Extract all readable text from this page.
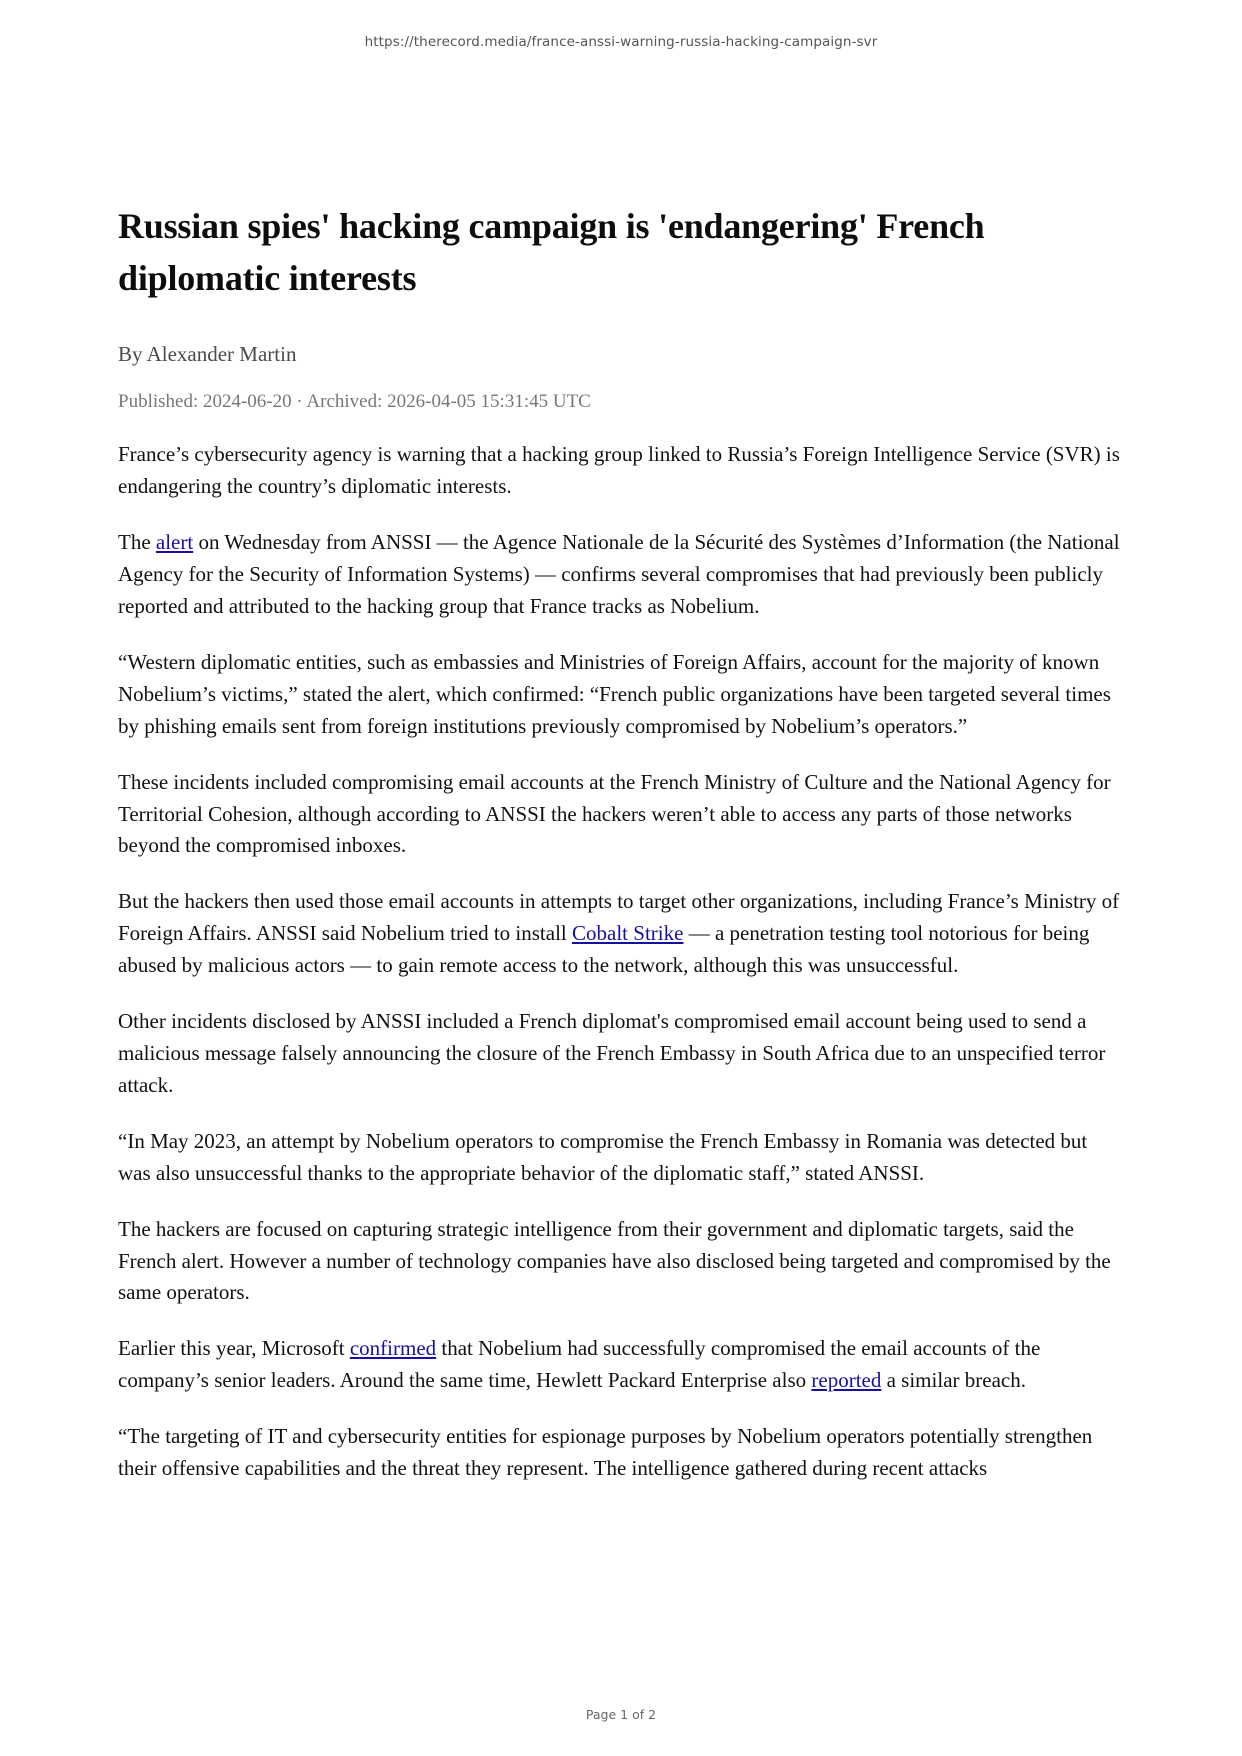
https://therecord.media/france-anssi-warning-russia-hacking-campaign-svr
Russian spies' hacking campaign is 'endangering' French diplomatic interests
By Alexander Martin
Published: 2024-06-20 · Archived: 2026-04-05 15:31:45 UTC

France’s cybersecurity agency is warning that a hacking group linked to Russia’s Foreign Intelligence Service (SVR) is endangering the country’s diplomatic interests.

The alert on Wednesday from ANSSI — the Agence Nationale de la Sécurité des Systèmes d’Information (the National Agency for the Security of Information Systems) — confirms several compromises that had previously been publicly reported and attributed to the hacking group that France tracks as Nobelium.

“Western diplomatic entities, such as embassies and Ministries of Foreign Affairs, account for the majority of known Nobelium’s victims,” stated the alert, which confirmed: “French public organizations have been targeted several times by phishing emails sent from foreign institutions previously compromised by Nobelium’s operators.”

These incidents included compromising email accounts at the French Ministry of Culture and the National Agency for Territorial Cohesion, although according to ANSSI the hackers weren’t able to access any parts of those networks beyond the compromised inboxes.

But the hackers then used those email accounts in attempts to target other organizations, including France’s Ministry of Foreign Affairs. ANSSI said Nobelium tried to install Cobalt Strike — a penetration testing tool notorious for being abused by malicious actors — to gain remote access to the network, although this was unsuccessful.

Other incidents disclosed by ANSSI included a French diplomat's compromised email account being used to send a malicious message falsely announcing the closure of the French Embassy in South Africa due to an unspecified terror attack.

“In May 2023, an attempt by Nobelium operators to compromise the French Embassy in Romania was detected but was also unsuccessful thanks to the appropriate behavior of the diplomatic staff,” stated ANSSI.

The hackers are focused on capturing strategic intelligence from their government and diplomatic targets, said the French alert. However a number of technology companies have also disclosed being targeted and compromised by the same operators.

Earlier this year, Microsoft confirmed that Nobelium had successfully compromised the email accounts of the company’s senior leaders. Around the same time, Hewlett Packard Enterprise also reported a similar breach.

“The targeting of IT and cybersecurity entities for espionage purposes by Nobelium operators potentially strengthen their offensive capabilities and the threat they represent. The intelligence gathered during recent attacks

Page 1 of 2
